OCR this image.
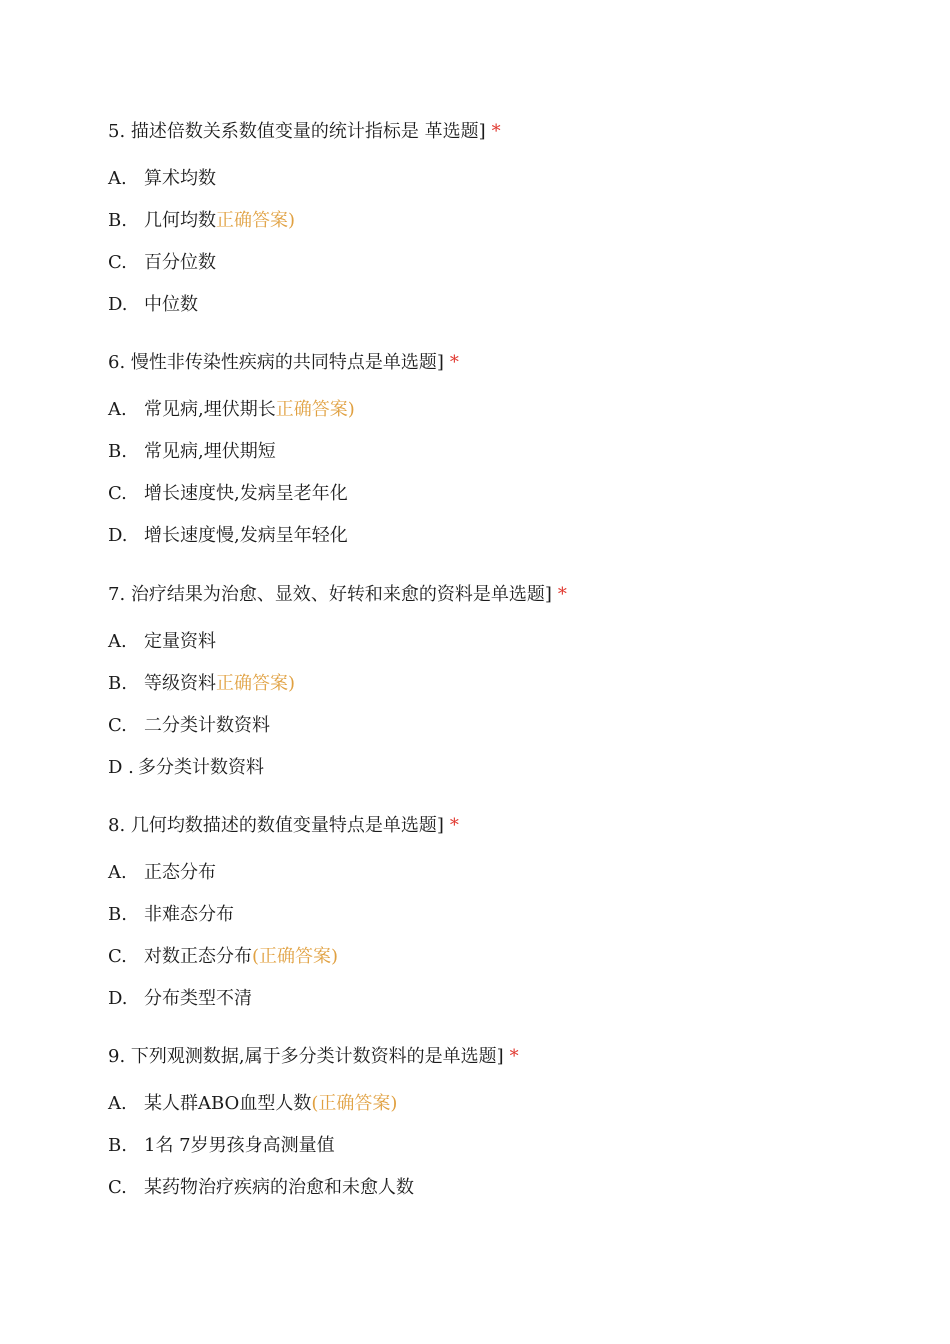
5. 描述倍数关系数值变量的统计指标是 革选题] *
A. 算术均数
B. 几何均数正确答案)
C. 百分位数
D. 中位数
6. 慢性非传染性疾病的共同特点是单选题] *
A. 常见病,埋伏期长正确答案)
B. 常见病,埋伏期短
C. 增长速度快,发病呈老年化
D. 增长速度慢,发病呈年轻化
7. 治疗结果为治愈、显效、好转和来愈的资料是单选题] *
A. 定量资料
B. 等级资料正确答案)
C. 二分类计数资料
D . 多分类计数资料
8. 几何均数描述的数值变量特点是单选题] *
A. 正态分布
B. 非难态分布
C. 对数正态分布(正确答案)
D. 分布类型不清
9. 下列观测数据,属于多分类计数资料的是单选题] *
A. 某人群ABO血型人数(正确答案)
B. 1名 7岁男孩身高测量值
C. 某药物治疗疾病的治愈和未愈人数
